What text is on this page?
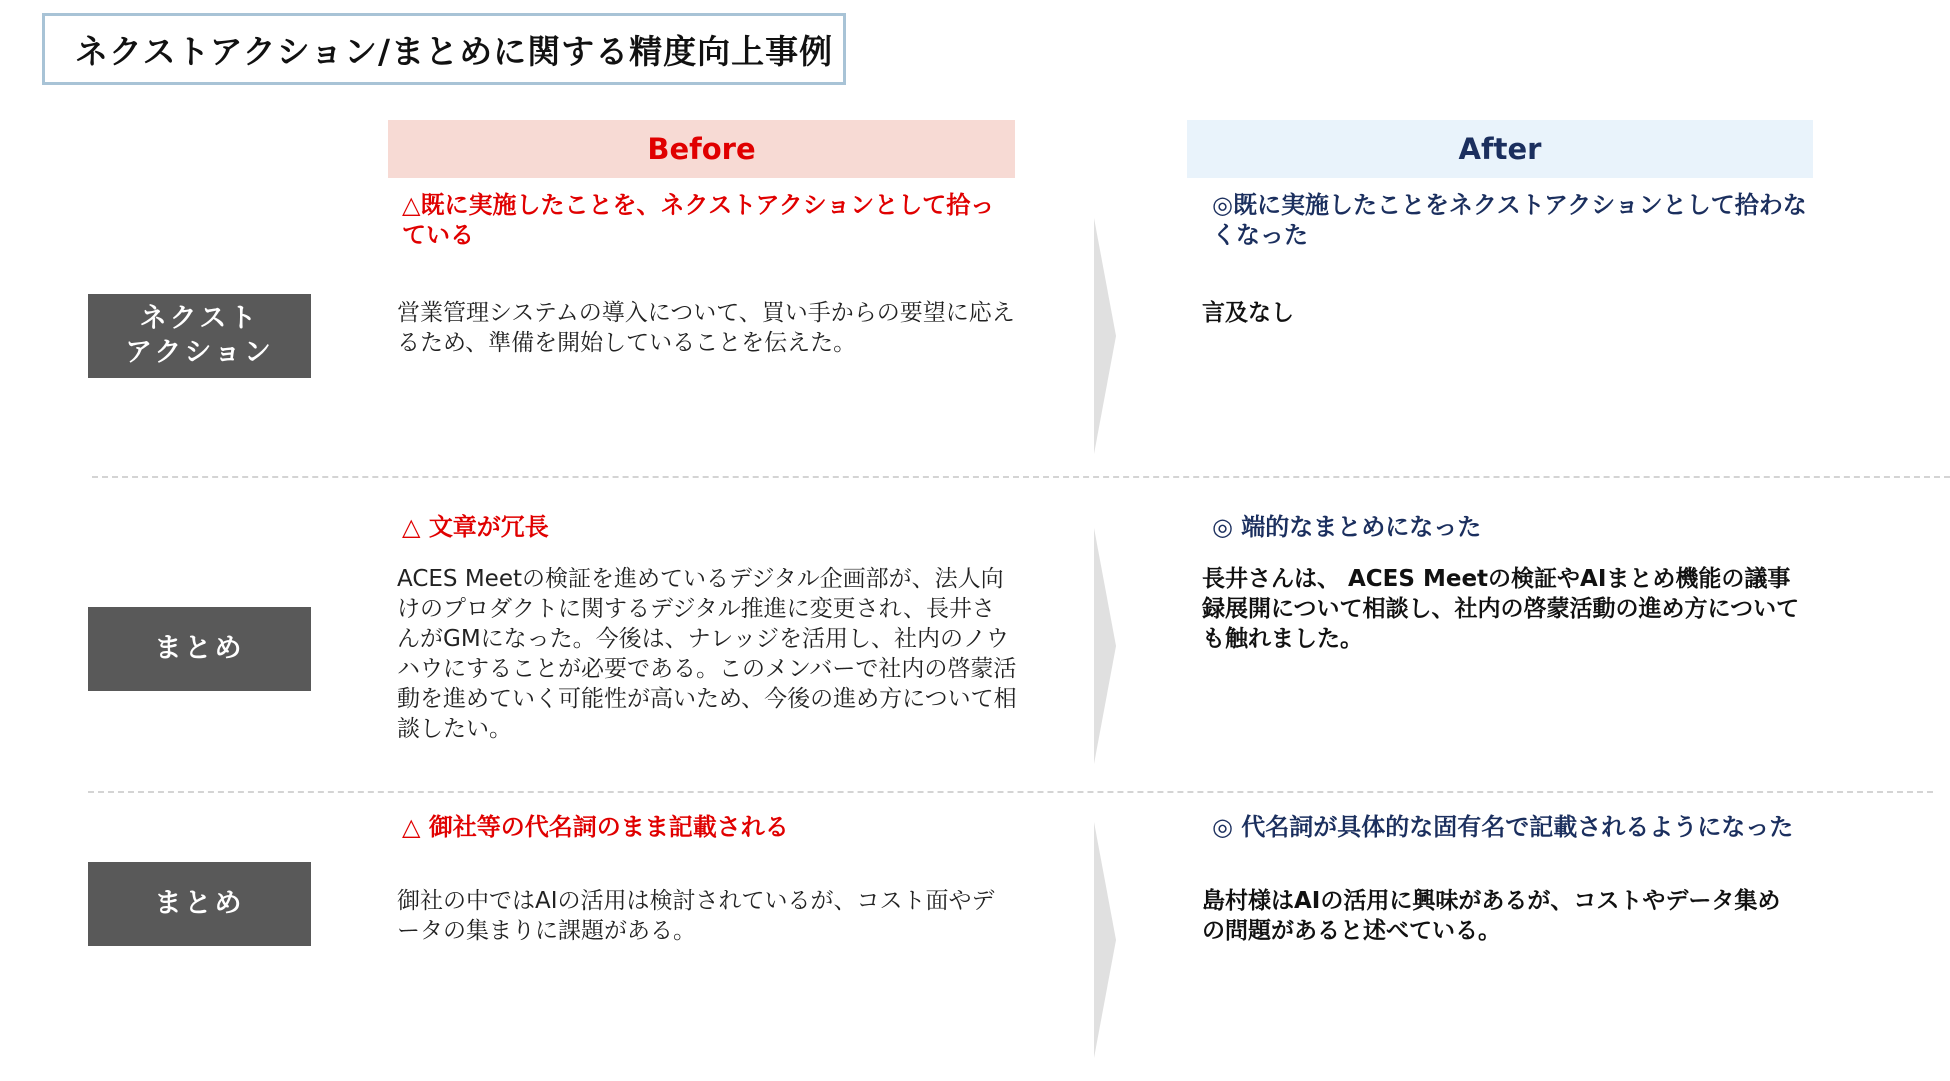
ネクストアクション/まとめに関する精度向上事例
Before	After
ネクスト
アクション
△既に実施したことを、ネクストアクションとして拾っている
営業管理システムの導入について、買い手からの要望に応えるため、準備を開始していることを伝えた。
◎既に実施したことをネクストアクションとして拾わなくなった
言及なし
まとめ
△ 文章が冗長
ACES Meetの検証を進めているデジタル企画部が、法人向けのプロダクトに関するデジタル推進に変更され、長井さんがGMになった。今後は、ナレッジを活用し、社内のノウハウにすることが必要である。このメンバーで社内の啓蒙活動を進めていく可能性が高いため、今後の進め方について相談したい。
◎ 端的なまとめになった
長井さんは、 ACES Meetの検証やAIまとめ機能の議事録展開について相談し、社内の啓蒙活動の進め方についても触れました。
まとめ
△ 御社等の代名詞のまま記載される
御社の中ではAIの活用は検討されているが、コスト面やデータの集まりに課題がある。
◎ 代名詞が具体的な固有名で記載されるようになった
島村様はAIの活用に興味があるが、コストやデータ集めの問題があると述べている。
